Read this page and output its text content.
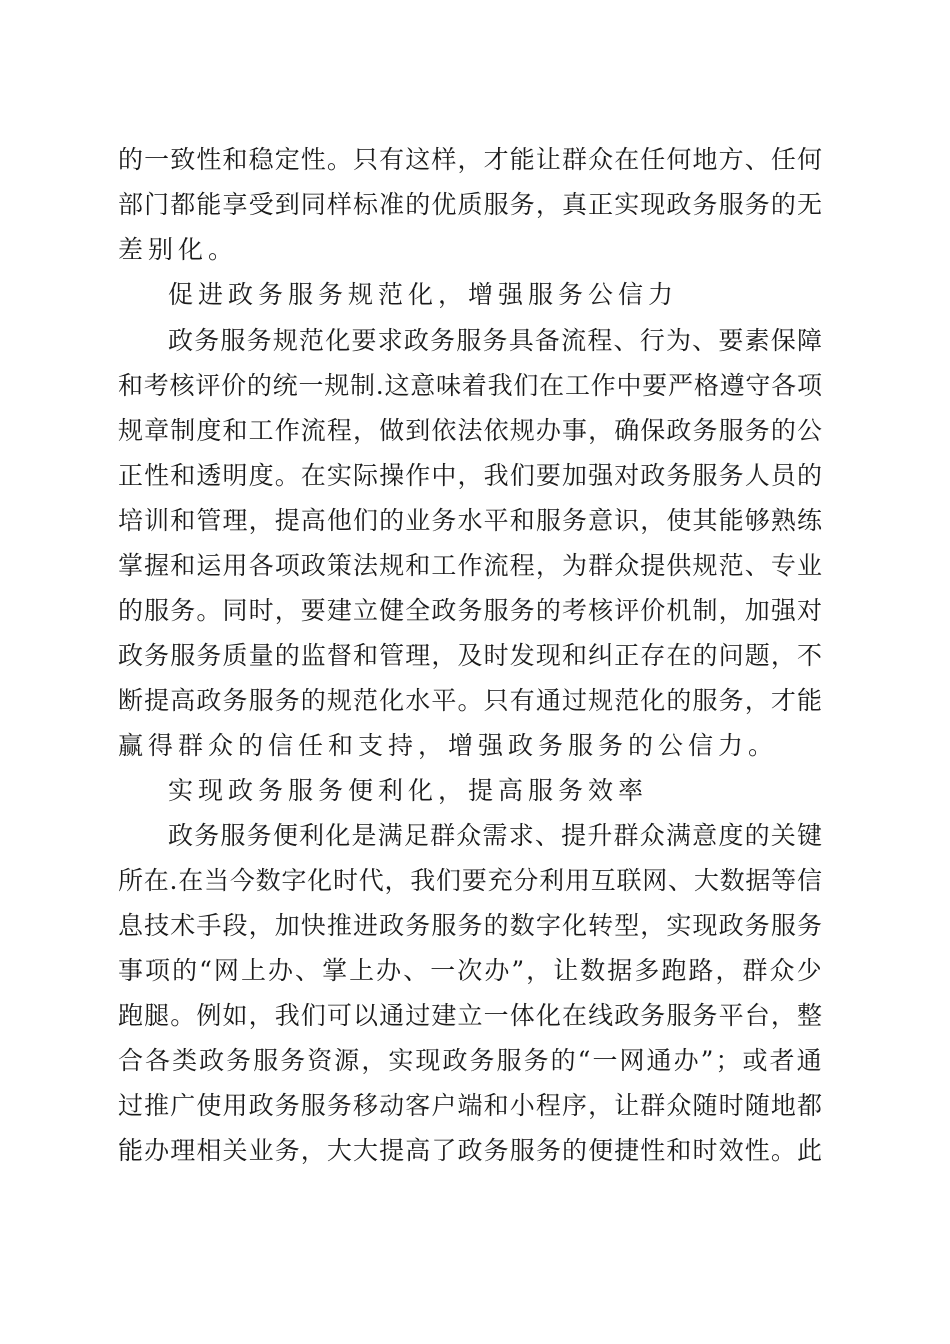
的一致性和稳定性。只有这样，才能让群众在任何地方、任何
部门都能享受到同样标准的优质服务，真正实现政务服务的无
差别化。
促进政务服务规范化，增强服务公信力
政务服务规范化要求政务服务具备流程、行为、要素保障
和考核评价的统一规制.这意味着我们在工作中要严格遵守各项
规章制度和工作流程，做到依法依规办事，确保政务服务的公
正性和透明度。在实际操作中，我们要加强对政务服务人员的
培训和管理，提高他们的业务水平和服务意识，使其能够熟练
掌握和运用各项政策法规和工作流程，为群众提供规范、专业
的服务。同时，要建立健全政务服务的考核评价机制，加强对
政务服务质量的监督和管理，及时发现和纠正存在的问题，不
断提高政务服务的规范化水平。只有通过规范化的服务，才能
赢得群众的信任和支持，增强政务服务的公信力。
实现政务服务便利化，提高服务效率
政务服务便利化是满足群众需求、提升群众满意度的关键
所在.在当今数字化时代，我们要充分利用互联网、大数据等信
息技术手段，加快推进政务服务的数字化转型，实现政务服务
事项的“网上办、掌上办、一次办”，让数据多跑路，群众少
跑腿。例如，我们可以通过建立一体化在线政务服务平台，整
合各类政务服务资源，实现政务服务的“一网通办”；或者通
过推广使用政务服务移动客户端和小程序，让群众随时随地都
能办理相关业务，大大提高了政务服务的便捷性和时效性。此
